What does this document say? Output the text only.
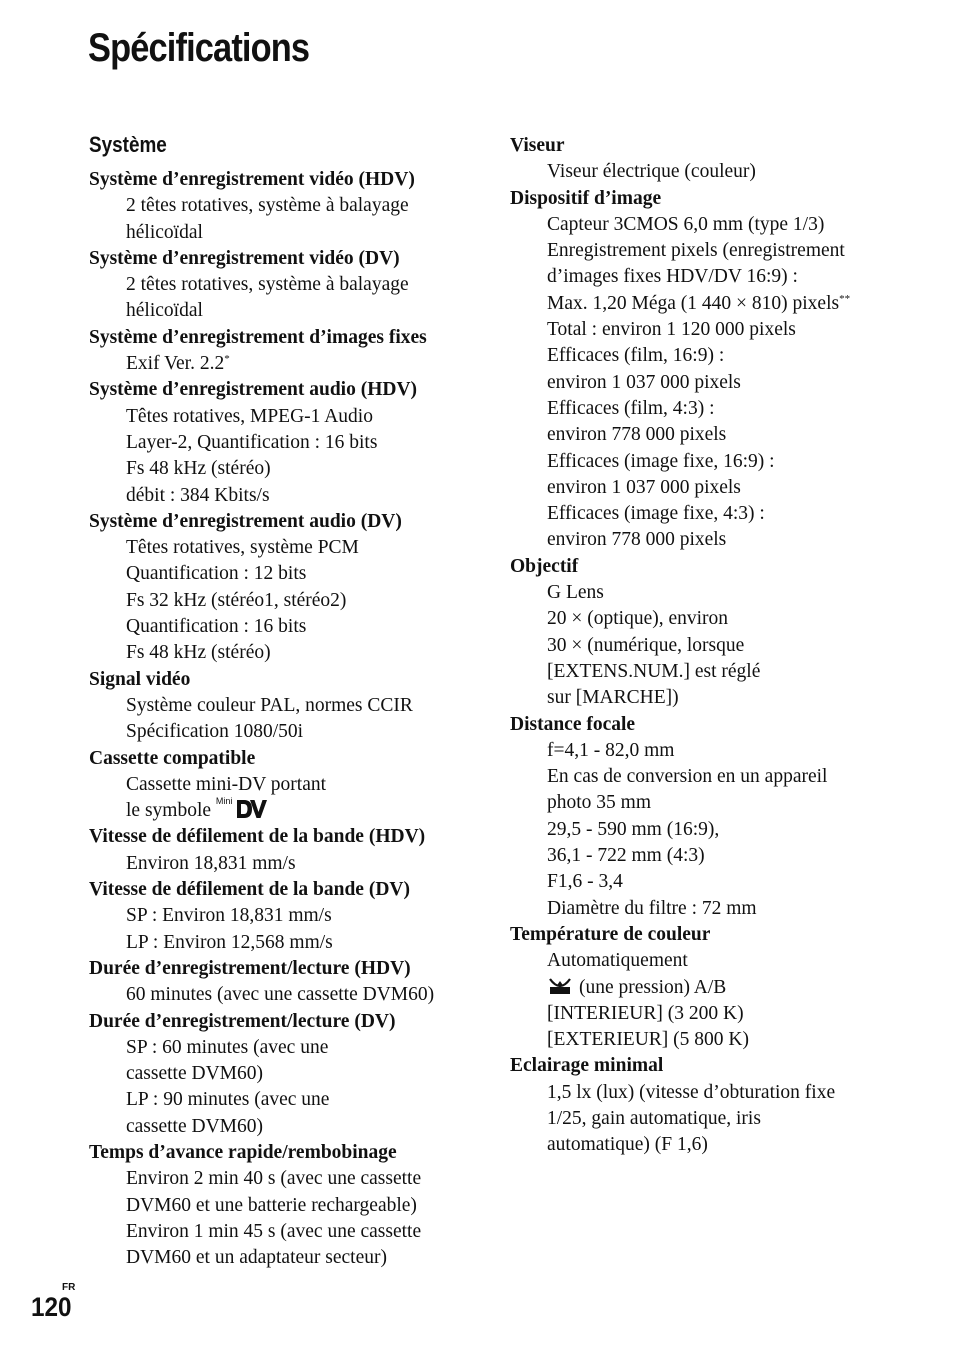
Spécifications
Système
Système d’enregistrement vidéo (HDV)
2 têtes rotatives, système à balayage
hélicoïdal
Système d’enregistrement vidéo (DV)
2 têtes rotatives, système à balayage
hélicoïdal
Système d’enregistrement d’images fixes
Exif Ver. 2.2*
Système d’enregistrement audio (HDV)
Têtes rotatives, MPEG-1 Audio
Layer-2, Quantification : 16 bits
Fs 48 kHz (stéréo)
débit : 384 Kbits/s
Système d’enregistrement audio (DV)
Têtes rotatives, système PCM
Quantification : 12 bits
Fs 32 kHz (stéréo1, stéréo2)
Quantification : 16 bits
Fs 48 kHz (stéréo)
Signal vidéo
Système couleur PAL, normes CCIR
Spécification 1080/50i
Cassette compatible
Cassette mini-DV portant
le symbole Mini
Vitesse de défilement de la bande (HDV)
Environ 18,831 mm/s
Vitesse de défilement de la bande (DV)
SP : Environ 18,831 mm/s
LP : Environ 12,568 mm/s
Durée d’enregistrement/lecture (HDV)
60 minutes (avec une cassette DVM60)
Durée d’enregistrement/lecture (DV)
SP : 60 minutes (avec une
cassette DVM60)
LP : 90 minutes (avec une
cassette DVM60)
Temps d’avance rapide/rembobinage
Environ 2 min 40 s (avec une cassette
DVM60 et une batterie rechargeable)
Environ 1 min 45 s (avec une cassette
DVM60 et un adaptateur secteur)
Viseur
Viseur électrique (couleur)
Dispositif d’image
Capteur 3CMOS 6,0 mm (type 1/3)
Enregistrement pixels (enregistrement
d’images fixes HDV/DV 16:9) :
Max. 1,20 Méga (1 440 × 810) pixels**
Total : environ 1 120 000 pixels
Efficaces (film, 16:9) :
environ 1 037 000 pixels
Efficaces (film, 4:3) :
environ 778 000 pixels
Efficaces (image fixe, 16:9) :
environ 1 037 000 pixels
Efficaces (image fixe, 4:3) :
environ 778 000 pixels
Objectif
G Lens
20 × (optique), environ
30 × (numérique, lorsque
[EXTENS.NUM.] est réglé
sur [MARCHE])
Distance focale
f=4,1 - 82,0 mm
En cas de conversion en un appareil
photo 35 mm
29,5 - 590 mm (16:9),
36,1 - 722 mm (4:3)
F1,6 - 3,4
Diamètre du filtre : 72 mm
Température de couleur
Automatiquement
(une pression) A/B
[INTERIEUR] (3 200 K)
[EXTERIEUR] (5 800 K)
Eclairage minimal
1,5 lx (lux) (vitesse d’obturation fixe
1/25, gain automatique, iris
automatique) (F 1,6)
FR
120
